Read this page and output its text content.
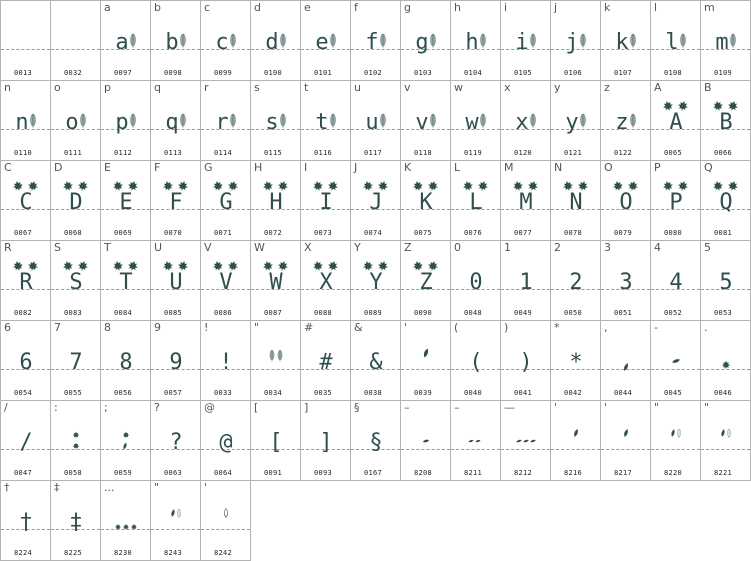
0013	0032
a
a
0097
b
b
0098
c
c
0099
d
d
0100
e
e
0101
f
f
0102
g
g
0103
h
h
0104
i
i
0105
j
j
0106
k
k
0107
l
l
0108
m
m
0109
n
n
0110
o
o
0111
p
p
0112
q
q
0113
r
r
0114
s
s
0115
t
t
0116
u
u
0117
v
v
0118
w
w
0119
x
x
0120
y
y
0121
z
z
0122
A
A
0065
B
B
0066
C
C
0067
D
D
0068
E
E
0069
F
F
0070
G
G
0071
H
H
0072
I
I
0073
J
J
0074
K
K
0075
L
L
0076
M
M
0077
N
N
0078
O
O
0079
P
P
0080
Q
Q
0081
R
R
0082
S
S
0083
T
T
0084
U
U
0085
V
V
0086
W
W
0087
X
X
0088
Y
Y
0089
Z
Z
0090
0
0
0048
1
1
0049
2
2
0050
3
3
0051
4
4
0052
5
5
0053
6
6
0054
7
7
0055
8
8
0056
9
9
0057
!
!
0033
"
0034
#
#
0035
&
&
0038
'
0039
(
(
0040
)
)
0041
*
*
0042
,
0044
-
0045
.
0046
/
/
0047
:
0058
;
0059
?
?
0063
@
@
0064
[
[
0091
]
]
0093
§
§
0167
–
8208
–
8211
—
8212
'
8216
'
8217
"
8220
"
8221
†
†
8224
‡
‡
8225
...
8230
"
8243
'
8242
